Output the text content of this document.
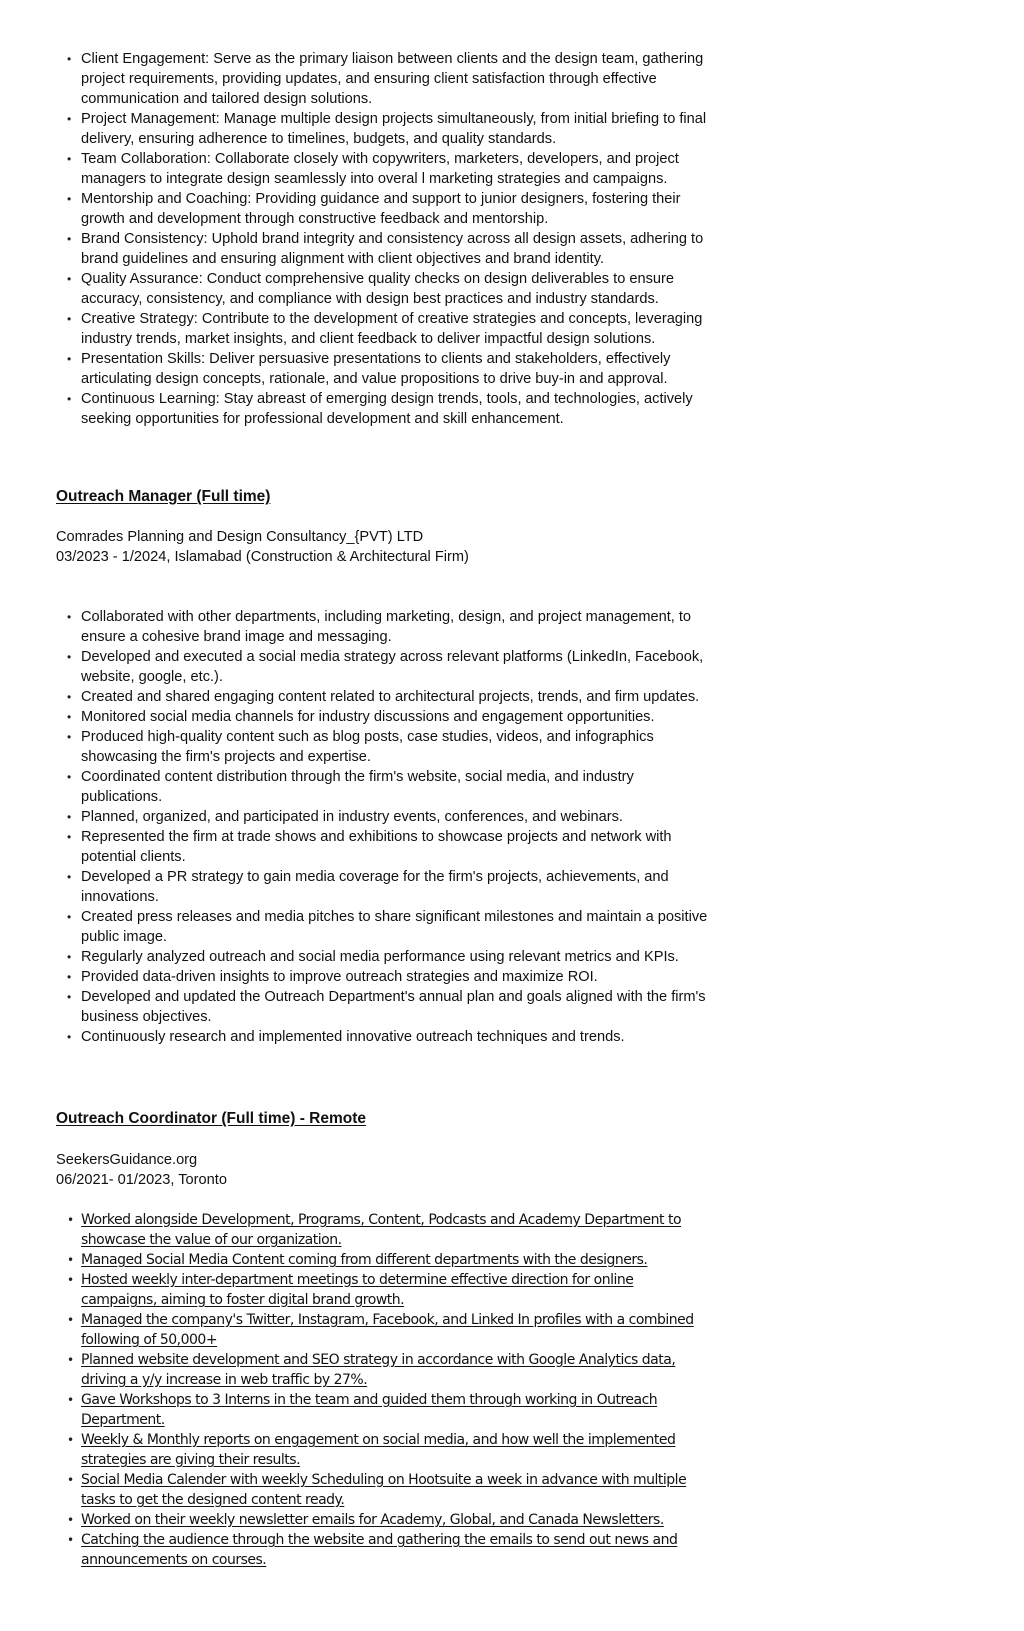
• Client Engagement: Serve as the primary liaison between clients and the design team, gathering project requirements, providing updates, and ensuring client satisfaction through effective communication and tailored design solutions.
• Project Management: Manage multiple design projects simultaneously, from initial briefing to final delivery, ensuring adherence to timelines, budgets, and quality standards.
• Team Collaboration: Collaborate closely with copywriters, marketers, developers, and project managers to integrate design seamlessly into overal l marketing strategies and campaigns.
• Mentorship and Coaching: Providing guidance and support to junior designers, fostering their growth and development through constructive feedback and mentorship.
• Brand Consistency: Uphold brand integrity and consistency across all design assets, adhering to brand guidelines and ensuring alignment with client objectives and brand identity.
• Quality Assurance: Conduct comprehensive quality checks on design deliverables to ensure accuracy, consistency, and compliance with design best practices and industry standards.
• Creative Strategy: Contribute to the development of creative strategies and concepts, leveraging industry trends, market insights, and client feedback to deliver impactful design solutions.
• Presentation Skills: Deliver persuasive presentations to clients and stakeholders, effectively articulating design concepts, rationale, and value propositions to drive buy-in and approval.
• Continuous Learning: Stay abreast of emerging design trends, tools, and technologies, actively seeking opportunities for professional development and skill enhancement.
Outreach Manager (Full time)
Comrades Planning and Design Consultancy_{PVT) LTD
03/2023 - 1/2024, Islamabad (Construction & Architectural Firm)
• Collaborated with other departments, including marketing, design, and project management, to ensure a cohesive brand image and messaging.
• Developed and executed a social media strategy across relevant platforms (LinkedIn, Facebook, website, google, etc.).
• Created and shared engaging content related to architectural projects, trends, and firm updates.
• Monitored social media channels for industry discussions and engagement opportunities.
• Produced high-quality content such as blog posts, case studies, videos, and infographics showcasing the firm's projects and expertise.
• Coordinated content distribution through the firm's website, social media, and industry publications.
• Planned, organized, and participated in industry events, conferences, and webinars.
• Represented the firm at trade shows and exhibitions to showcase projects and network with potential clients.
• Developed a PR strategy to gain media coverage for the firm's projects, achievements, and innovations.
• Created press releases and media pitches to share significant milestones and maintain a positive public image.
• Regularly analyzed outreach and social media performance using relevant metrics and KPIs.
• Provided data-driven insights to improve outreach strategies and maximize ROI.
• Developed and updated the Outreach Department's annual plan and goals aligned with the firm's business objectives.
• Continuously research and implemented innovative outreach techniques and trends.
Outreach Coordinator (Full time) - Remote
SeekersGuidance.org
06/2021- 01/2023, Toronto
• Worked alongside Development, Programs, Content, Podcasts and Academy Department to showcase the value of our organization.
• Managed Social Media Content coming from different departments with the designers.
• Hosted weekly inter-department meetings to determine effective direction for online campaigns, aiming to foster digital brand growth.
• Managed the company's Twitter, Instagram, Facebook, and Linked In profiles with a combined following of 50,000+
• Planned website development and SEO strategy in accordance with Google Analytics data, driving a y/y increase in web traffic by 27%.
• Gave Workshops to 3 Interns in the team and guided them through working in Outreach Department.
• Weekly & Monthly reports on engagement on social media, and how well the implemented strategies are giving their results.
• Social Media Calender with weekly Scheduling on Hootsuite a week in advance with multiple tasks to get the designed content ready.
• Worked on their weekly newsletter emails for Academy, Global, and Canada Newsletters.
• Catching the audience through the website and gathering the emails to send out news and announcements on courses.
